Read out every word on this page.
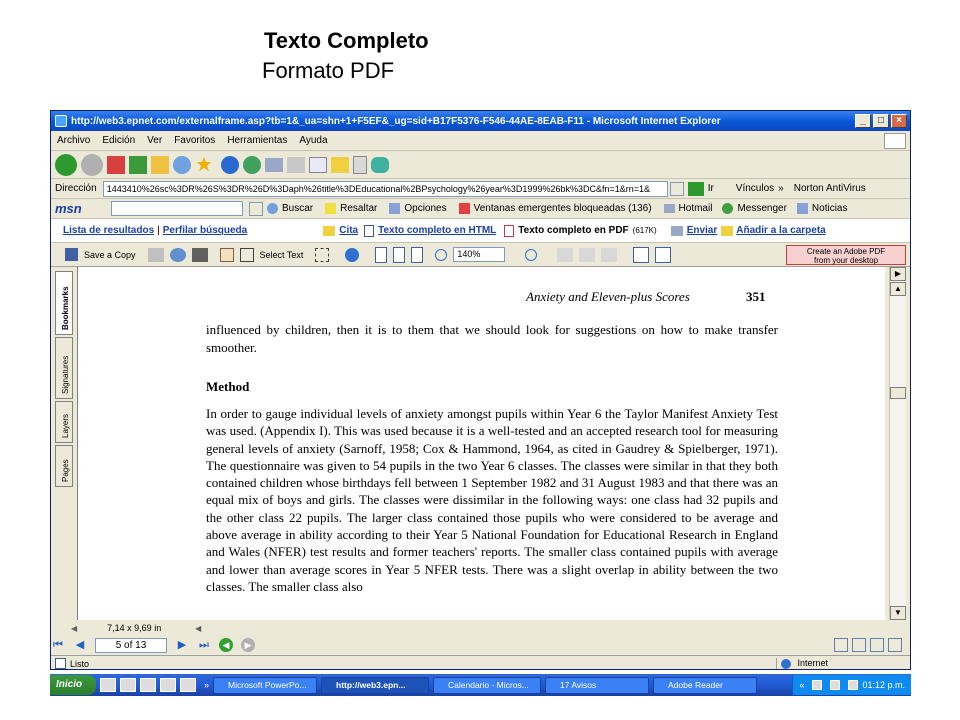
Texto Completo
Formato PDF
http://web3.epnet.com/externalframe.asp?tb=1&_ua=shn+1+F5EF&_ug=sid+B17F5376-F546-44AE-8EAB-F11 - Microsoft Internet Explorer	_	□	×
Archivo Edición Ver Favoritos Herramientas Ayuda
★
Dirección	1443410%26sc%3DR%26S%3DR%26D%3Daph%26title%3DEducational%2BPsychology%26year%3D1999%26bk%3DC&fn=1&rn=1&	Ir Vínculos » Norton AntiVirus
msn	Buscar	Resaltar	Opciones	Ventanas emergentes bloqueadas (136)	Hotmail	Messenger	Noticias
Lista de resultados | Perfilar búsqueda	Cita Texto completo en HTML Texto completo en PDF (617K)	Enviar Añadir a la carpeta
Save a Copy	Select Text	140%	Create an Adobe PDF
from your desktop
Bookmarks
Signatures
Layers
Pages
Anxiety and Eleven-plus Scores	351
influenced by children, then it is to them that we should look for suggestions on how to make transfer smoother.
Method
In order to gauge individual levels of anxiety amongst pupils within Year 6 the Taylor Manifest Anxiety Test was used. (Appendix I). This was used because it is a well-tested and an accepted research tool for measuring general levels of anxiety (Sarnoff, 1958; Cox & Hammond, 1964, as cited in Gaudrey & Spielberger, 1971). The questionnaire was given to 54 pupils in the two Year 6 classes. The classes were similar in that they both contained children whose birthdays fell between 1 September 1982 and 31 August 1983 and that there was an equal mix of boys and girls. The classes were dissimilar in the following ways: one class had 32 pupils and the other class 22 pupils. The larger class contained those pupils who were considered to be average and above average in ability according to their Year 5 National Foundation for Educational Research in England and Wales (NFER) test results and former teachers' reports. The smaller class contained pupils with average and lower than average scores in Year 5 NFER tests. There was a slight overlap in ability between the two classes. The smaller class also
▶
▲
▼
◀	7,14 x 9,69 in	◀
⏮ ◀	5 of 13	▶ ⏭	◀	▶
Listo	Internet
Inicio	»	Microsoft PowerPo...	http://web3.epn...	Calendario - Micros...	17 Avisos	Adobe Reader	«	01:12 p.m.
